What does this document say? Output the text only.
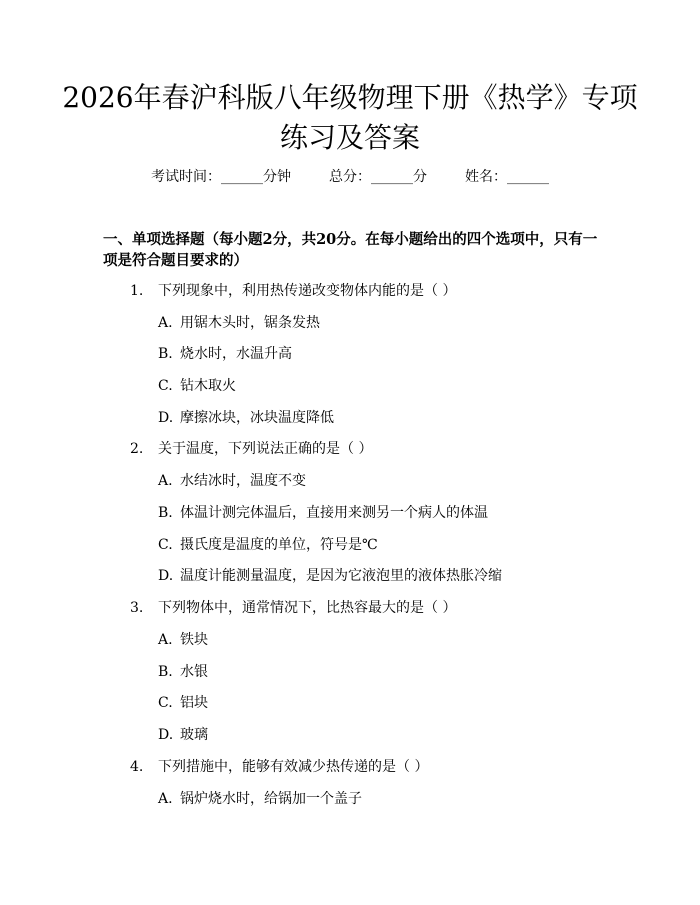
2026年春沪科版八年级物理下册《热学》专项练习及答案
考试时间：______分钟	总分：______分	姓名：______
一、单项选择题（每小题2分，共20分。在每小题给出的四个选项中，只有一项是符合题目要求的）
1. 下列现象中，利用热传递改变物体内能的是（ ）
A. 用锯木头时，锯条发热
B. 烧水时，水温升高
C. 钻木取火
D. 摩擦冰块，冰块温度降低
2. 关于温度，下列说法正确的是（ ）
A. 水结冰时，温度不变
B. 体温计测完体温后，直接用来测另一个病人的体温
C. 摄氏度是温度的单位，符号是℃
D. 温度计能测量温度，是因为它液泡里的液体热胀冷缩
3. 下列物体中，通常情况下，比热容最大的是（ ）
A. 铁块
B. 水银
C. 铝块
D. 玻璃
4. 下列措施中，能够有效减少热传递的是（ ）
A. 锅炉烧水时，给锅加一个盖子
